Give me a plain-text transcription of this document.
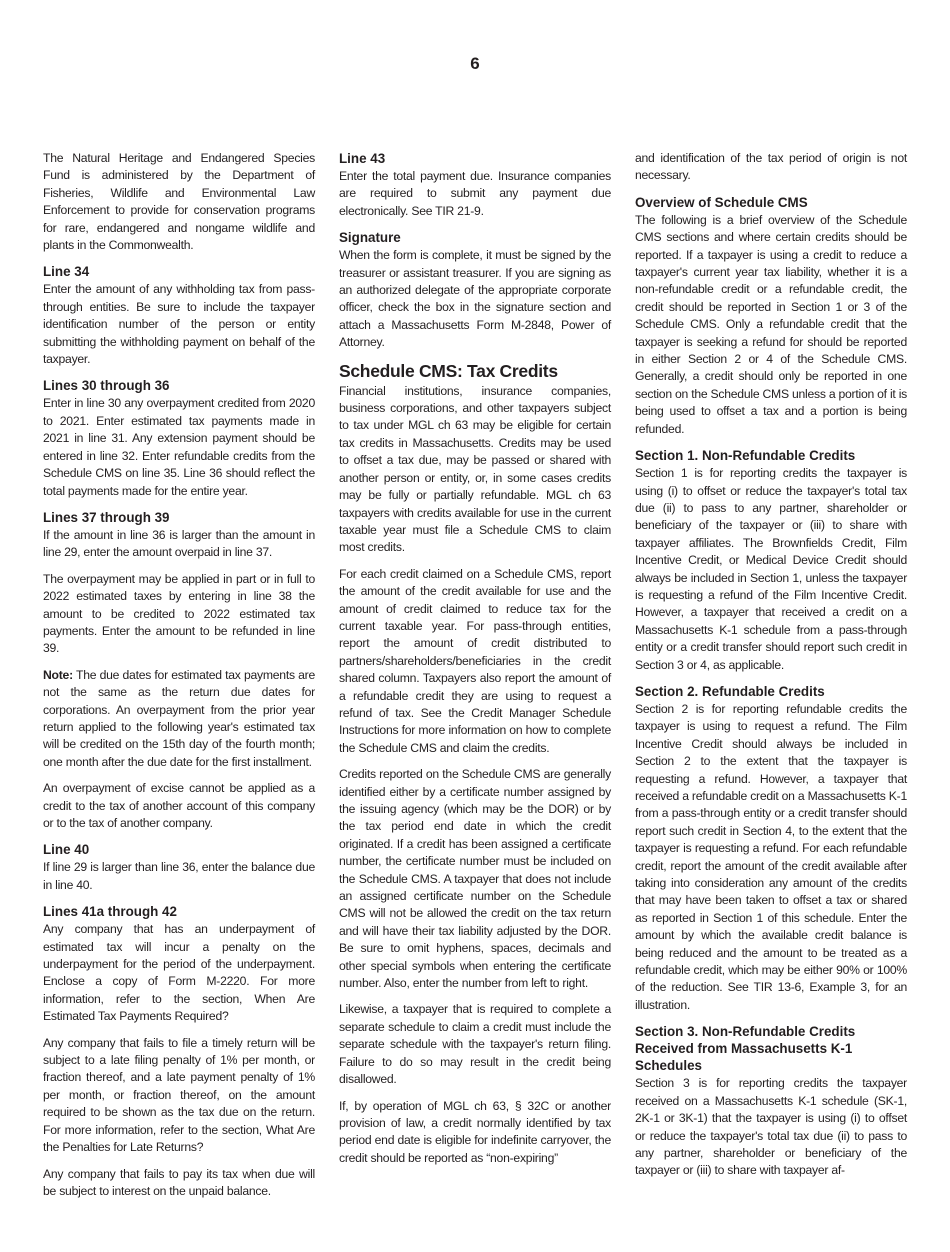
6

The Natural Heritage and Endangered Species Fund is administered by the Department of Fisheries, Wildlife and Environmental Law Enforcement to provide for conservation programs for rare, endangered and nongame wildlife and plants in the Commonwealth.

Line 34

Enter the amount of any withholding tax from pass-through entities. Be sure to include the taxpayer identification number of the person or entity submitting the withholding payment on behalf of the taxpayer.

Lines 30 through 36

Enter in line 30 any overpayment credited from 2020 to 2021. Enter estimated tax payments made in 2021 in line 31. Any extension payment should be entered in line 32. Enter refundable credits from the Schedule CMS on line 35. Line 36 should reflect the total payments made for the entire year.

Lines 37 through 39

If the amount in line 36 is larger than the amount in line 29, enter the amount overpaid in line 37.

The overpayment may be applied in part or in full to 2022 estimated taxes by entering in line 38 the amount to be credited to 2022 estimated tax payments. Enter the amount to be refunded in line 39.

Note: The due dates for estimated tax payments are not the same as the return due dates for corporations. An overpayment from the prior year return applied to the following year's estimated tax will be credited on the 15th day of the fourth month; one month after the due date for the first installment.

An overpayment of excise cannot be applied as a credit to the tax of another account of this company or to the tax of another company.

Line 40

If line 29 is larger than line 36, enter the balance due in line 40.

Lines 41a through 42

Any company that has an underpayment of estimated tax will incur a penalty on the underpayment for the period of the underpayment. Enclose a copy of Form M-2220. For more information, refer to the section, When Are Estimated Tax Payments Required?

Any company that fails to file a timely return will be subject to a late filing penalty of 1% per month, or fraction thereof, and a late payment penalty of 1% per month, or fraction thereof, on the amount required to be shown as the tax due on the return. For more information, refer to the section, What Are the Penalties for Late Returns?

Any company that fails to pay its tax when due will be subject to interest on the unpaid balance.

Line 43

Enter the total payment due. Insurance companies are required to submit any payment due electronically. See TIR 21-9.

Signature

When the form is complete, it must be signed by the treasurer or assistant treasurer. If you are signing as an authorized delegate of the appropriate corporate officer, check the box in the signature section and attach a Massachusetts Form M-2848, Power of Attorney.

Schedule CMS: Tax Credits

Financial institutions, insurance companies, business corporations, and other taxpayers subject to tax under MGL ch 63 may be eligible for certain tax credits in Massachusetts. Credits may be used to offset a tax due, may be passed or shared with another person or entity, or, in some cases credits may be fully or partially refundable. MGL ch 63 taxpayers with credits available for use in the current taxable year must file a Schedule CMS to claim most credits.

For each credit claimed on a Schedule CMS, report the amount of the credit available for use and the amount of credit claimed to reduce tax for the current taxable year. For pass-through entities, report the amount of credit distributed to partners/shareholders/beneficiaries in the credit shared column. Taxpayers also report the amount of a refundable credit they are using to request a refund of tax. See the Credit Manager Schedule Instructions for more information on how to complete the Schedule CMS and claim the credits.

Credits reported on the Schedule CMS are generally identified either by a certificate number assigned by the issuing agency (which may be the DOR) or by the tax period end date in which the credit originated. If a credit has been assigned a certificate number, the certificate number must be included on the Schedule CMS. A taxpayer that does not include an assigned certificate number on the Schedule CMS will not be allowed the credit on the tax return and will have their tax liability adjusted by the DOR. Be sure to omit hyphens, spaces, decimals and other special symbols when entering the certificate number. Also, enter the number from left to right.

Likewise, a taxpayer that is required to complete a separate schedule to claim a credit must include the separate schedule with the taxpayer's return filing. Failure to do so may result in the credit being disallowed.

If, by operation of MGL ch 63, § 32C or another provision of law, a credit normally identified by tax period end date is eligible for indefinite carryover, the credit should be reported as “non-expiring”

and identification of the tax period of origin is not necessary.

Overview of Schedule CMS

The following is a brief overview of the Schedule CMS sections and where certain credits should be reported. If a taxpayer is using a credit to reduce a taxpayer's current year tax liability, whether it is a non-refundable credit or a refundable credit, the credit should be reported in Section 1 or 3 of the Schedule CMS. Only a refundable credit that the taxpayer is seeking a refund for should be reported in either Section 2 or 4 of the Schedule CMS. Generally, a credit should only be reported in one section on the Schedule CMS unless a portion of it is being used to offset a tax and a portion is being refunded.

Section 1. Non-Refundable Credits

Section 1 is for reporting credits the taxpayer is using (i) to offset or reduce the taxpayer's total tax due (ii) to pass to any partner, shareholder or beneficiary of the taxpayer or (iii) to share with taxpayer affiliates. The Brownfields Credit, Film Incentive Credit, or Medical Device Credit should always be included in Section 1, unless the taxpayer is requesting a refund of the Film Incentive Credit. However, a taxpayer that received a credit on a Massachusetts K-1 schedule from a pass-through entity or a credit transfer should report such credit in Section 3 or 4, as applicable.

Section 2. Refundable Credits

Section 2 is for reporting refundable credits the taxpayer is using to request a refund. The Film Incentive Credit should always be included in Section 2 to the extent that the taxpayer is requesting a refund. However, a taxpayer that received a refundable credit on a Massachusetts K-1 from a pass-through entity or a credit transfer should report such credit in Section 4, to the extent that the taxpayer is requesting a refund. For each refundable credit, report the amount of the credit available after taking into consideration any amount of the credits that may have been taken to offset a tax or shared as reported in Section 1 of this schedule. Enter the amount by which the available credit balance is being reduced and the amount to be treated as a refundable credit, which may be either 90% or 100% of the reduction. See TIR 13-6, Example 3, for an illustration.

Section 3. Non-Refundable Credits Received from Massachusetts K-1 Schedules

Section 3 is for reporting credits the taxpayer received on a Massachusetts K-1 schedule (SK-1, 2K-1 or 3K-1) that the taxpayer is using (i) to offset or reduce the taxpayer's total tax due (ii) to pass to any partner, shareholder or beneficiary of the taxpayer or (iii) to share with taxpayer af-
